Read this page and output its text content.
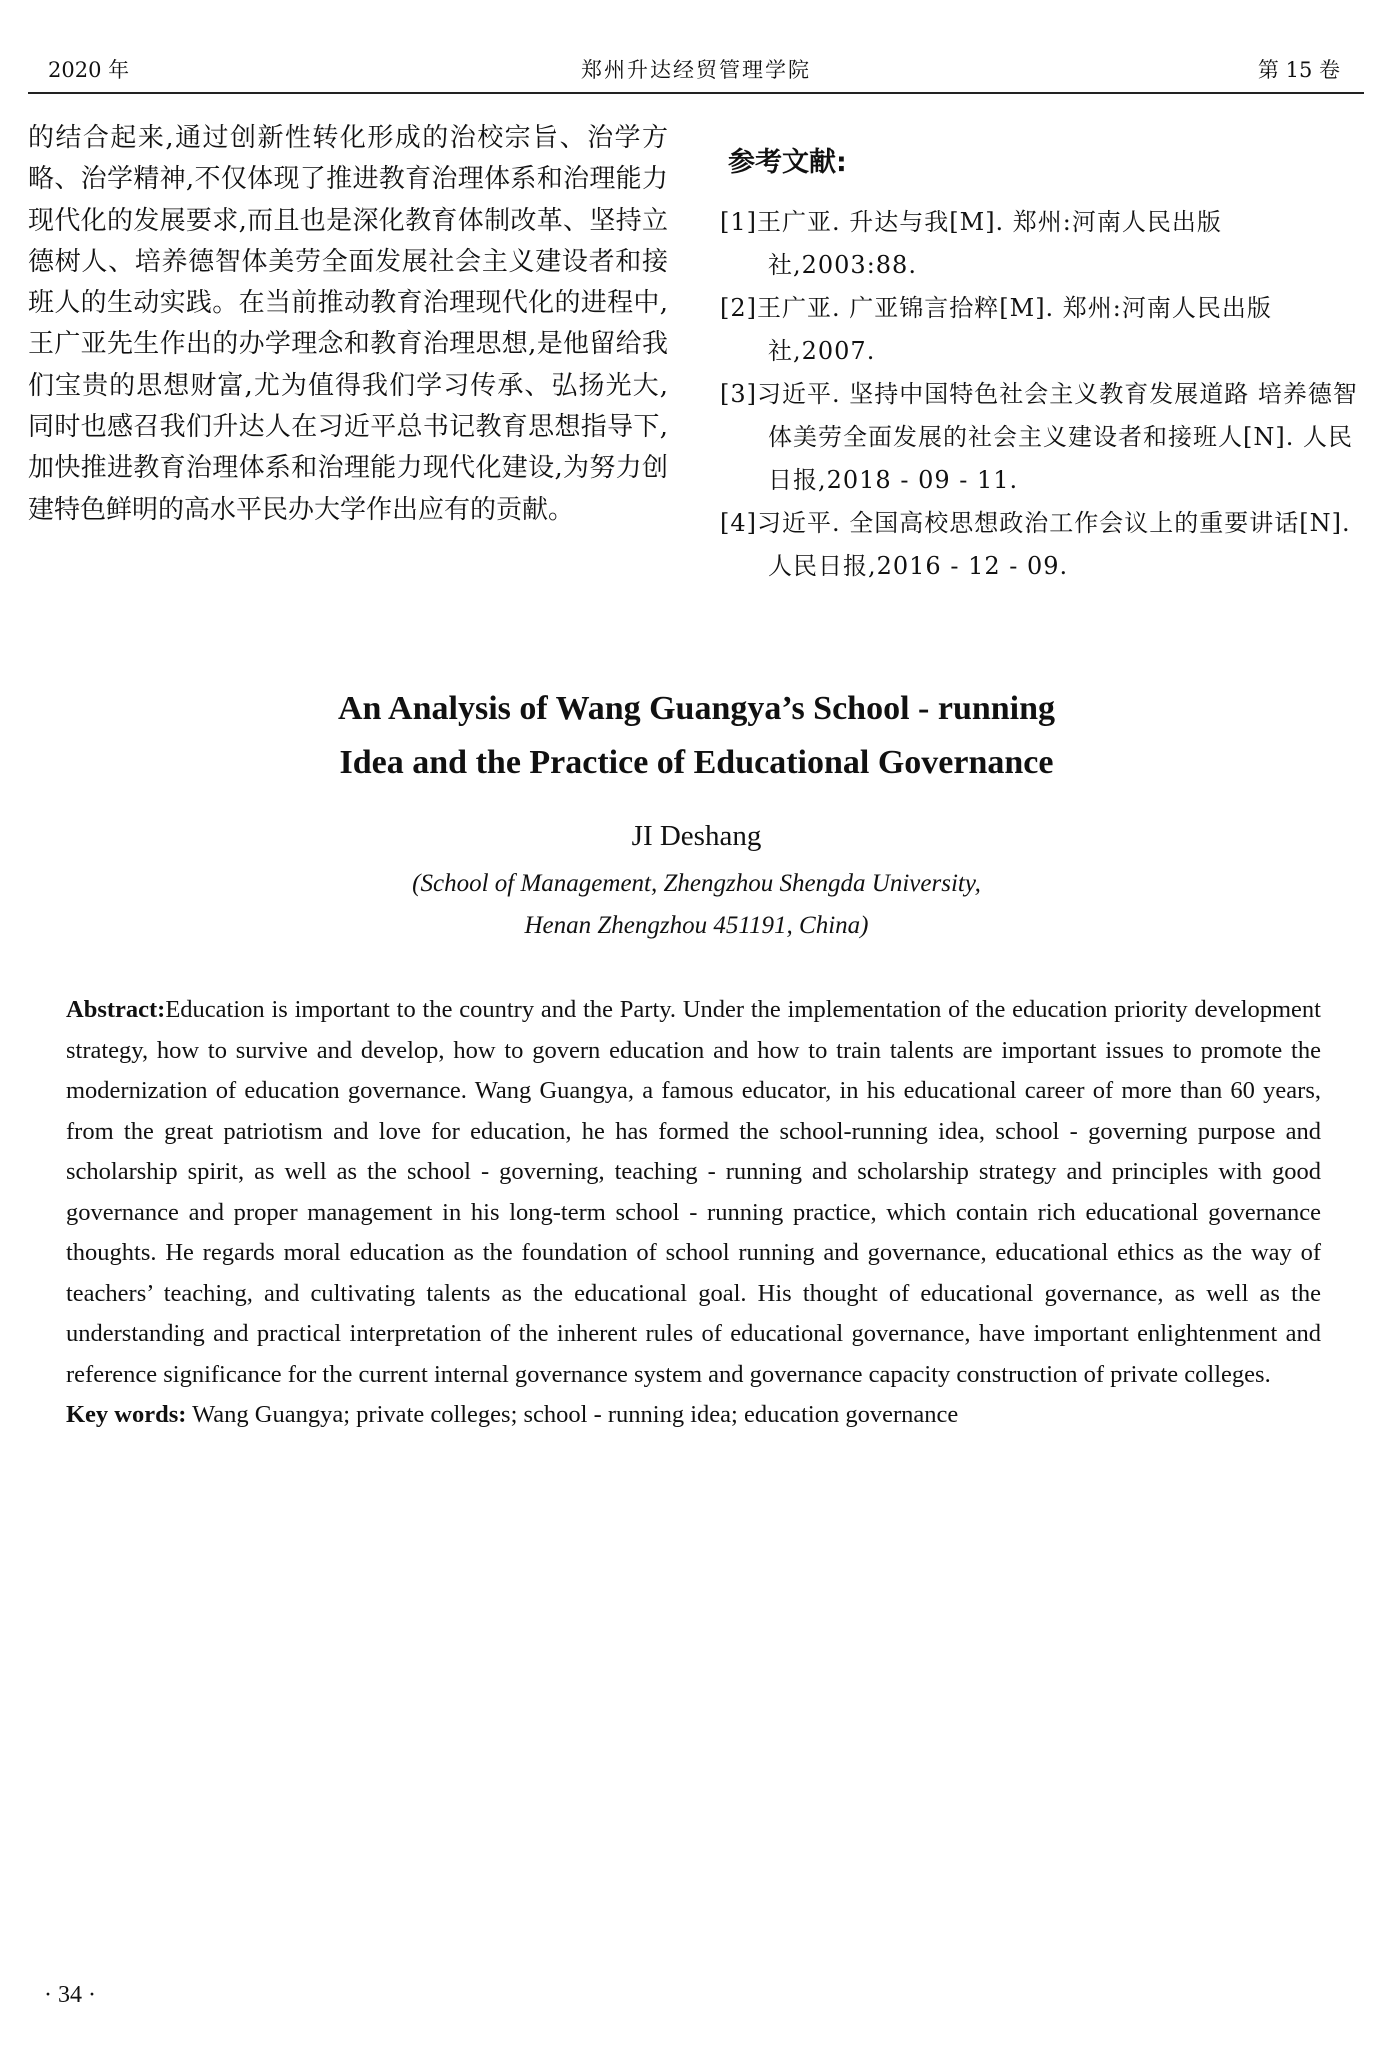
2020 年	郑州升达经贸管理学院	第 15 卷

的结合起来,通过创新性转化形成的治校宗旨、治学方略、治学精神,不仅体现了推进教育治理体系和治理能力现代化的发展要求,而且也是深化教育体制改革、坚持立德树人、培养德智体美劳全面发展社会主义建设者和接班人的生动实践。在当前推动教育治理现代化的进程中,王广亚先生作出的办学理念和教育治理思想,是他留给我们宝贵的思想财富,尤为值得我们学习传承、弘扬光大,同时也感召我们升达人在习近平总书记教育思想指导下,加快推进教育治理体系和治理能力现代化建设,为努力创建特色鲜明的高水平民办大学作出应有的贡献。

参考文献:

[1]王广亚. 升达与我[M]. 郑州:河南人民出版社,2003:88.

[2]王广亚. 广亚锦言拾粹[M]. 郑州:河南人民出版社,2007.

[3]习近平. 坚持中国特色社会主义教育发展道路 培养德智体美劳全面发展的社会主义建设者和接班人[N]. 人民日报,2018 - 09 - 11.

[4]习近平. 全国高校思想政治工作会议上的重要讲话[N]. 人民日报,2016 - 12 - 09.

An Analysis of Wang Guangya’s School - running

Idea and the Practice of Educational Governance

JI Deshang

(School of Management, Zhengzhou Shengda University,

Henan Zhengzhou 451191, China)

Abstract:Education is important to the country and the Party. Under the implementation of the education priority development strategy, how to survive and develop, how to govern education and how to train talents are important issues to promote the modernization of education governance. Wang Guangya, a famous educator, in his educational career of more than 60 years, from the great patriotism and love for education, he has formed the school-running idea, school - governing purpose and scholarship spirit, as well as the school - governing, teaching - running and scholarship strategy and principles with good governance and proper management in his long-term school - running practice, which contain rich educational governance thoughts. He regards moral education as the foundation of school running and governance, educational ethics as the way of teachers’ teaching, and cultivating talents as the educational goal. His thought of educational governance, as well as the understanding and practical interpretation of the inherent rules of educational governance, have important enlightenment and reference significance for the current internal governance system and governance capacity construction of private colleges.

Key words: Wang Guangya; private colleges; school - running idea; education governance

· 34 ·
